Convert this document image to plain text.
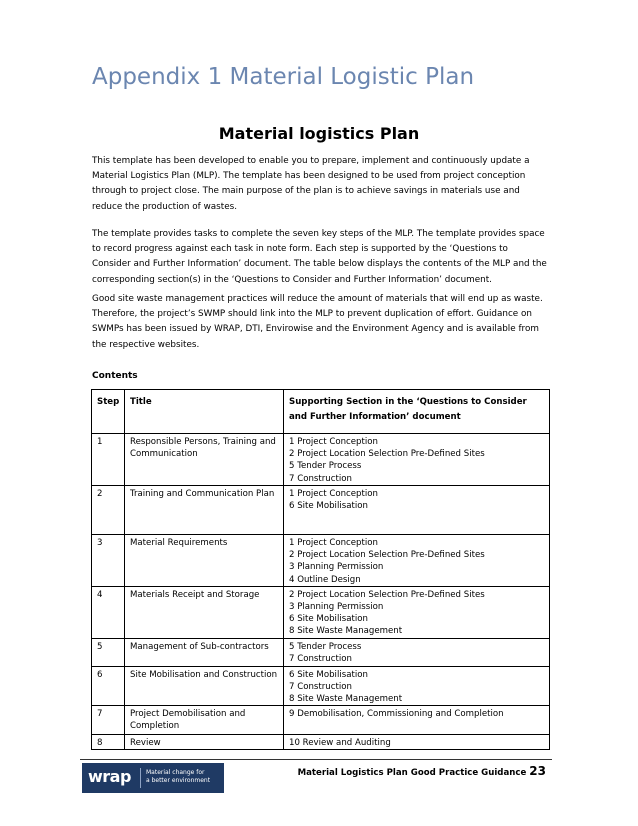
Appendix 1 Material Logistic Plan
Material logistics Plan

This template has been developed to enable you to prepare, implement and continuously update a Material Logistics Plan (MLP). The template has been designed to be used from project conception through to project close. The main purpose of the plan is to achieve savings in materials use and reduce the production of wastes.

The template provides tasks to complete the seven key steps of the MLP. The template provides space to record progress against each task in note form. Each step is supported by the ‘Questions to Consider and Further Information’ document. The table below displays the contents of the MLP and the corresponding section(s) in the ‘Questions to Consider and Further Information’ document.

Good site waste management practices will reduce the amount of materials that will end up as waste. Therefore, the project’s SWMP should link into the MLP to prevent duplication of effort. Guidance on SWMPs has been issued by WRAP, DTI, Envirowise and the Environment Agency and is available from the respective websites.

Contents
Step	Title	Supporting Section in the ‘Questions to Consider and Further Information’ document
1	Responsible Persons, Training and Communication	1 Project Conception
2 Project Location Selection Pre-Defined Sites
5 Tender Process
7 Construction

2	Training and Communication Plan	1 Project Conception
6 Site Mobilisation

3	Material Requirements	1 Project Conception
2 Project Location Selection Pre-Defined Sites
3 Planning Permission
4 Outline Design

4	Materials Receipt and Storage	2 Project Location Selection Pre-Defined Sites
3 Planning Permission
6 Site Mobilisation
8 Site Waste Management

5	Management of Sub-contractors	5 Tender Process
7 Construction

6	Site Mobilisation and Construction	6 Site Mobilisation
7 Construction
8 Site Waste Management

7	Project Demobilisation and Completion	9 Demobilisation, Commissioning and Completion

8	Review	10 Review and Auditing
wrap	Material change for
a better environment
Material Logistics Plan Good Practice Guidance 23
